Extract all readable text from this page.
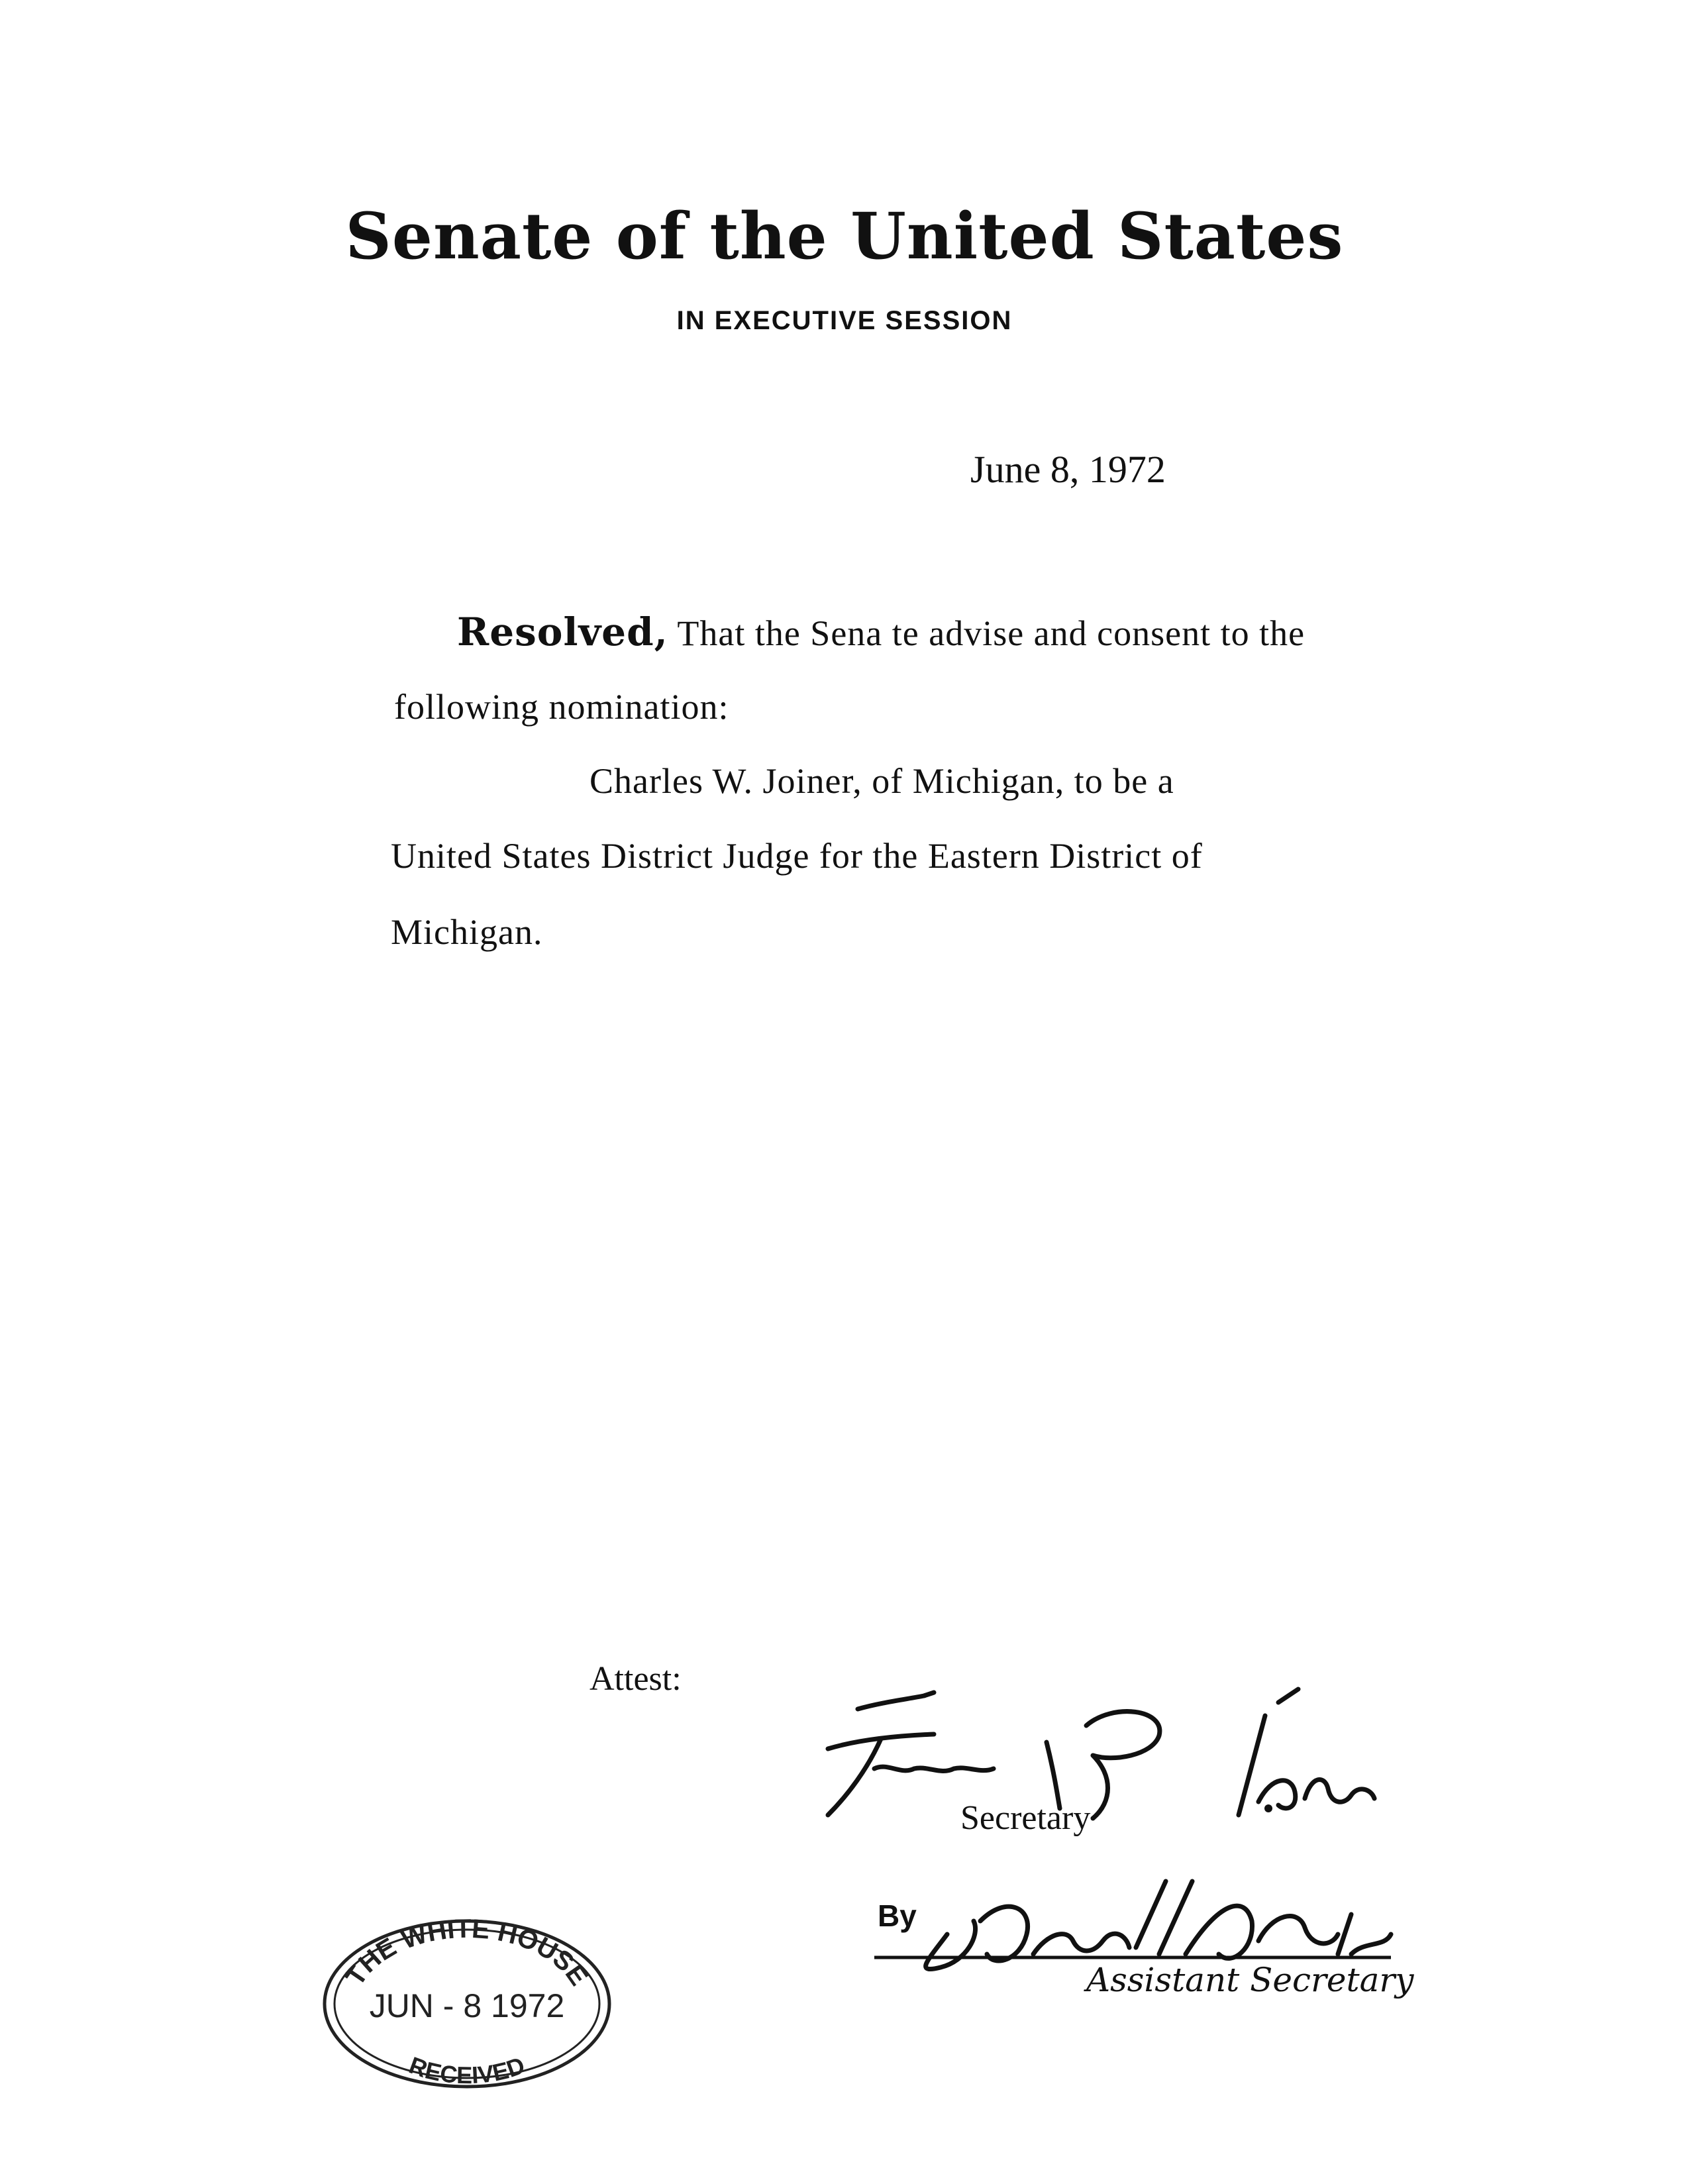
Senate of the United States
IN EXECUTIVE SESSION
June 8, 1972
Resolved, That the Sena te advise and consent to the
following nomination:
Charles W. Joiner, of Michigan, to be a
United States District Judge for the Eastern District of
Michigan.
Attest:
Secretary
By
Assistant Secretary
THE WHITE HOUSE
JUN - 8 1972
RECEIVED
